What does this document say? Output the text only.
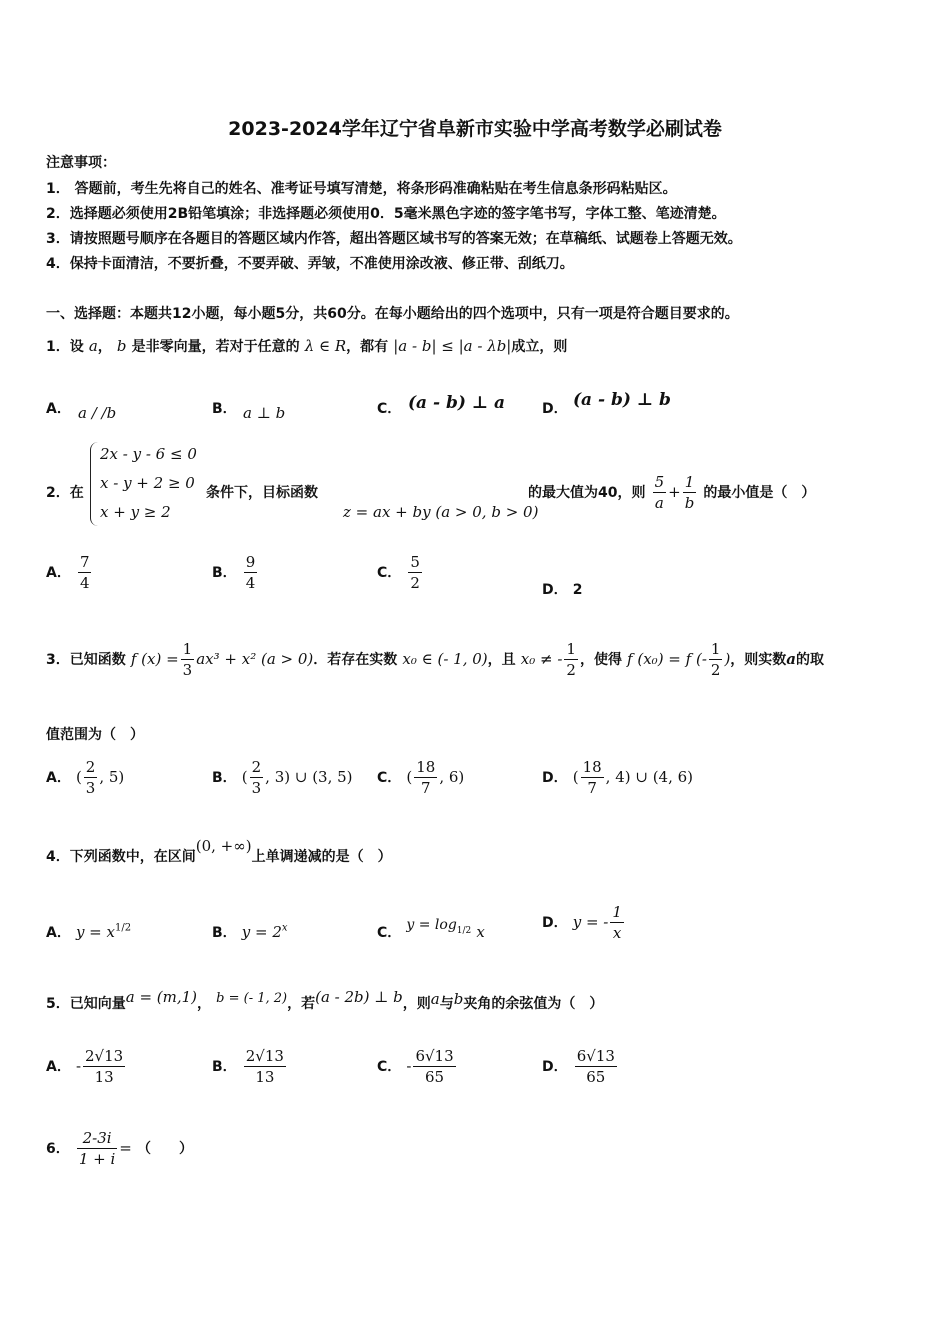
2023-2024学年辽宁省阜新市实验中学高考数学必刷试卷
注意事项：
1． 答题前，考生先将自己的姓名、准考证号填写清楚，将条形码准确粘贴在考生信息条形码粘贴区。
2．选择题必须使用2B铅笔填涂；非选择题必须使用0．5毫米黑色字迹的签字笔书写，字体工整、笔迹清楚。
3．请按照题号顺序在各题目的答题区域内作答，超出答题区域书写的答案无效；在草稿纸、试题卷上答题无效。
4．保持卡面清洁，不要折叠，不要弄破、弄皱，不准使用涂改液、修正带、刮纸刀。
一、选择题：本题共12小题，每小题5分，共60分。在每小题给出的四个选项中，只有一项是符合题目要求的。
1．设 a， b 是非零向量，若对于任意的 λ ∈ R，都有 |a - b| ≤ |a - λb|成立，则
A． a / /b	B． a ⊥ b	C． (a - b) ⊥ a	D． (a - b) ⊥ b
2．在
2x - y - 6 ≤ 0
x - y + 2 ≥ 0
x + y ≥ 2
条件下，目标函数
z = ax + by (a > 0, b > 0)
的最大值为40，则 $\frac{5}{a} + \frac{1}{b}$ 的最小值是（　）
A． $\frac{7}{4}$	B． $\frac{9}{4}$	C． $\frac{5}{2}$	D． 2
3．已知函数 f $(x) = \frac{1}{3} ax^3 + x^2$ (a > 0)．若存在实数 x₀ ∈ (- 1, 0)，且 x₀ ≠ - $\frac{1}{2}$ ，使得 f (x₀) = f (- $\frac{1}{2}$ )，则实数a的取
值范围为（　）
A． ( $\frac{2}{3}$ , 5)	B． ( $\frac{2}{3}$ , 3) ∪ (3, 5) C． ( $\frac{18}{7}$ , 6)	D． ( $\frac{18}{7}$ , 4) ∪ (4, 6)
4．下列函数中，在区间(0, +∞)上单调递减的是（　）
A． $y = x^{1/2}$	B． $y = 2^x$	C． $y = \log_{1/2} x$	D． y = - $\frac{1}{x}$
5．已知向量a = (m,1)， $^{b = (- 1, 2)}$，若(a - 2b) ⊥ b，则a与b夹角的余弦值为（　）
A． - $\frac{2√13}{13}$	B． $\frac{2√13}{13}$	C． - $\frac{6√13}{65}$	D． $\frac{6√13}{65}$
6． $\frac{2-3i}{1 + i}$ = （　　）
